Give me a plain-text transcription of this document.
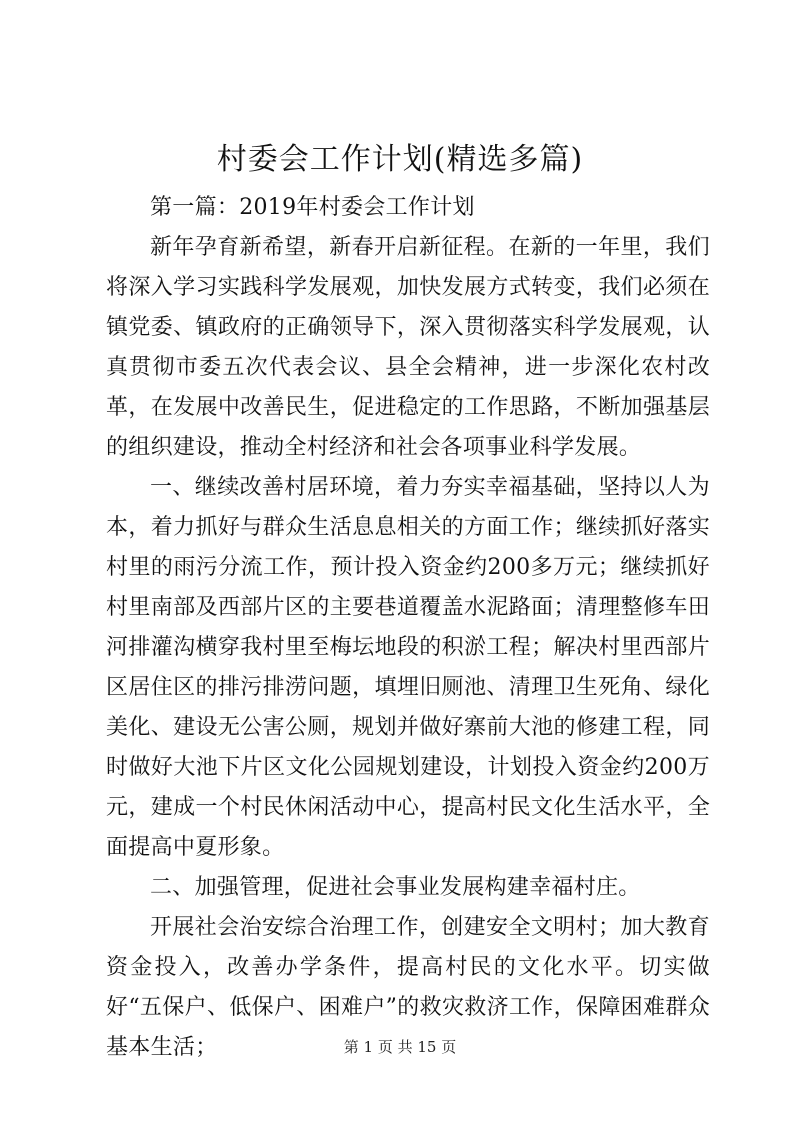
村委会工作计划(精选多篇)

第一篇：2019年村委会工作计划

新年孕育新希望，新春开启新征程。在新的一年里，我们将深入学习实践科学发展观，加快发展方式转变，我们必须在镇党委、镇政府的正确领导下，深入贯彻落实科学发展观，认真贯彻市委五次代表会议、县全会精神，进一步深化农村改革，在发展中改善民生，促进稳定的工作思路，不断加强基层的组织建设，推动全村经济和社会各项事业科学发展。

一、继续改善村居环境，着力夯实幸福基础，坚持以人为本，着力抓好与群众生活息息相关的方面工作；继续抓好落实村里的雨污分流工作，预计投入资金约200多万元；继续抓好村里南部及西部片区的主要巷道覆盖水泥路面；清理整修车田河排灌沟横穿我村里至梅坛地段的积淤工程；解决村里西部片区居住区的排污排涝问题，填埋旧厕池、清理卫生死角、绿化美化、建设无公害公厕，规划并做好寨前大池的修建工程，同时做好大池下片区文化公园规划建设，计划投入资金约200万元，建成一个村民休闲活动中心，提高村民文化生活水平，全面提高中夏形象。

二、加强管理，促进社会事业发展构建幸福村庄。

开展社会治安综合治理工作，创建安全文明村；加大教育资金投入，改善办学条件，提高村民的文化水平。切实做好“五保户、低保户、困难户”的救灾救济工作，保障困难群众基本生活；	第 1 页 共 15 页
